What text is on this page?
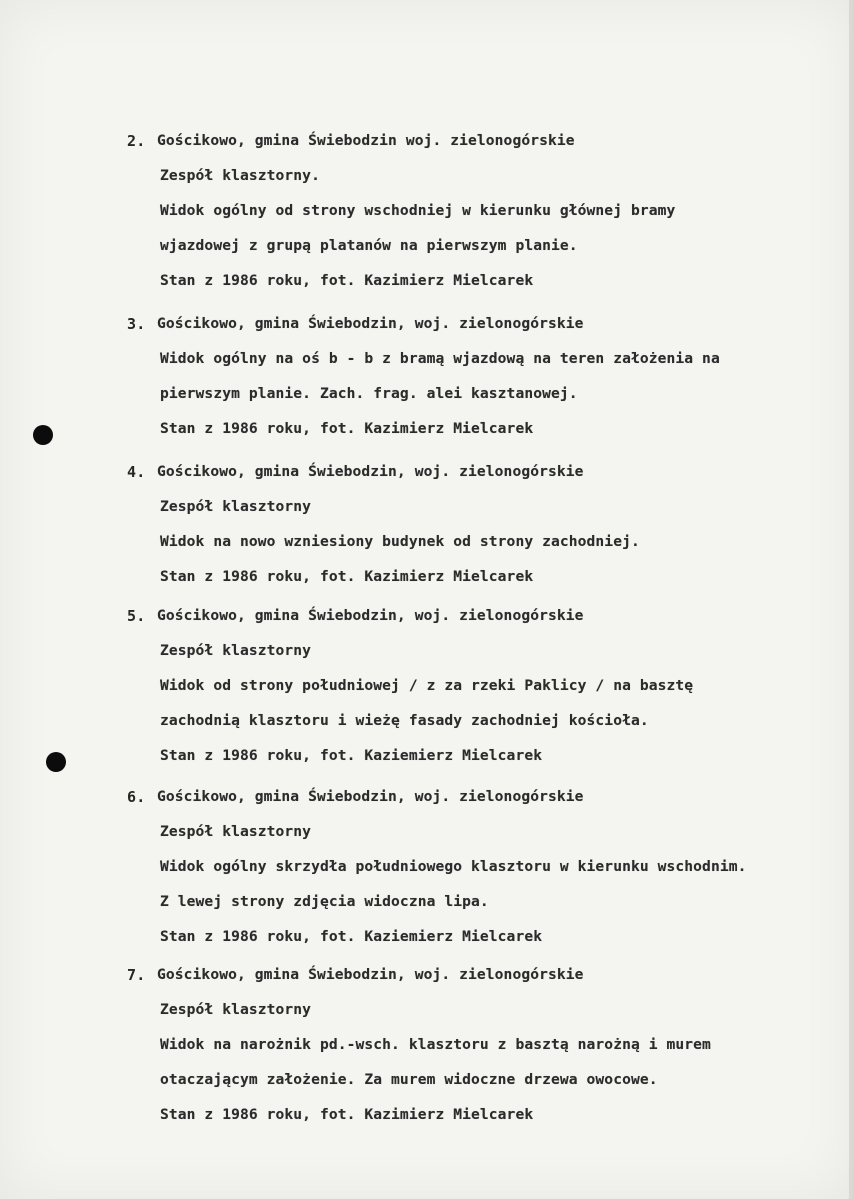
2. Gościkowo, gmina Świebodzin woj. zielonogórskie
Zespół klasztorny.
Widok ogólny od strony wschodniej w kierunku głównej bramy
wjazdowej z grupą platanów na pierwszym planie.
Stan z 1986 roku, fot. Kazimierz Mielcarek
3. Gościkowo, gmina Świebodzin, woj. zielonogórskie
Widok ogólny na oś b - b z bramą wjazdową na teren założenia na
pierwszym planie. Zach. frag. alei kasztanowej.
Stan z 1986 roku, fot. Kazimierz Mielcarek
4. Gościkowo, gmina Świebodzin, woj. zielonogórskie
Zespół klasztorny
Widok na nowo wzniesiony budynek od strony zachodniej.
Stan z 1986 roku, fot. Kazimierz Mielcarek
5. Gościkowo, gmina Świebodzin, woj. zielonogórskie
Zespół klasztorny
Widok od strony południowej / z za rzeki Paklicy / na basztę
zachodnią klasztoru i wieżę fasady zachodniej kościoła.
Stan z 1986 roku, fot. Kaziemierz Mielcarek
6. Gościkowo, gmina Świebodzin, woj. zielonogórskie
Zespół klasztorny
Widok ogólny skrzydła południowego klasztoru w kierunku wschodnim.
Z lewej strony zdjęcia widoczna lipa.
Stan z 1986 roku, fot. Kaziemierz Mielcarek
7. Gościkowo, gmina Świebodzin, woj. zielonogórskie
Zespół klasztorny
Widok na narożnik pd.-wsch. klasztoru z basztą narożną i murem
otaczającym założenie. Za murem widoczne drzewa owocowe.
Stan z 1986 roku, fot. Kazimierz Mielcarek
